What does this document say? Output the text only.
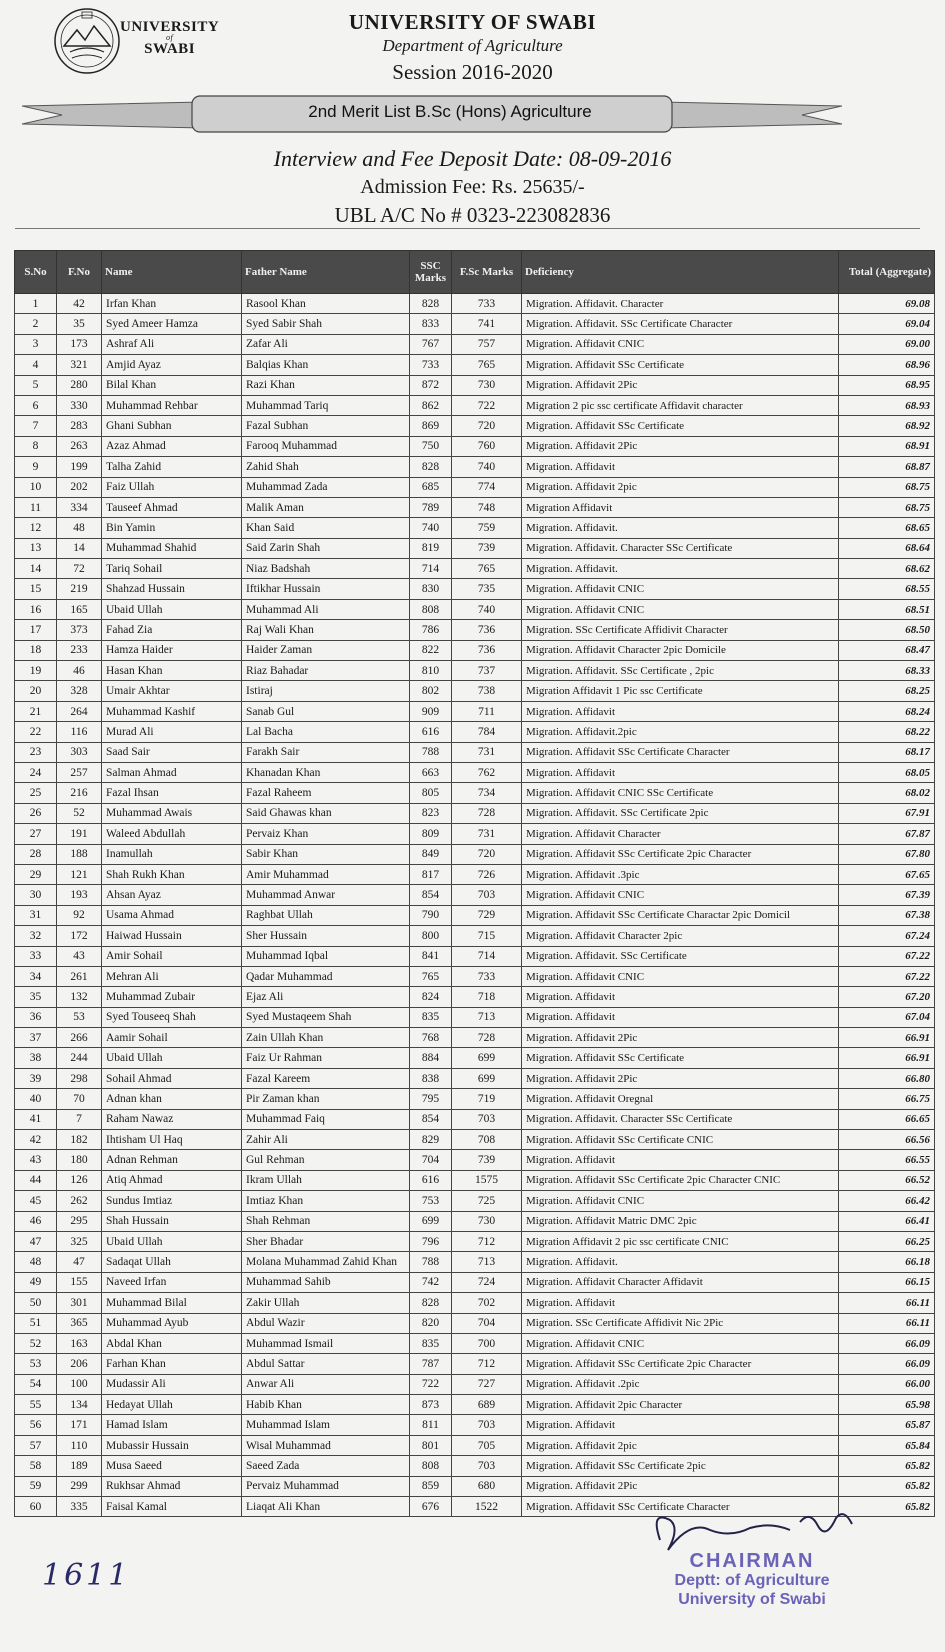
UNIVERSITY
of
SWABI
UNIVERSITY OF SWABI
Department of Agriculture
Session 2016-2020
2nd Merit List B.Sc (Hons) Agriculture
Interview and Fee Deposit Date: 08-09-2016
Admission Fee: Rs. 25635/-
UBL A/C No # 0323-223082836
S.No	F.No	Name	Father Name	SSC Marks	F.Sc Marks	Deficiency	Total (Aggregate)
1	42	Irfan Khan	Rasool Khan	828	733	Migration. Affidavit. Character	69.08
2	35	Syed Ameer Hamza	Syed Sabir Shah	833	741	Migration. Affidavit. SSc Certificate Character	69.04
3	173	Ashraf Ali	Zafar Ali	767	757	Migration. Affidavit CNIC	69.00
4	321	Amjid Ayaz	Balqias Khan	733	765	Migration. Affidavit SSc Certificate	68.96
5	280	Bilal Khan	Razi Khan	872	730	Migration. Affidavit 2Pic	68.95
6	330	Muhammad Rehbar	Muhammad Tariq	862	722	Migration 2 pic ssc certificate Affidavit character	68.93
7	283	Ghani Subhan	Fazal Subhan	869	720	Migration. Affidavit SSc Certificate	68.92
8	263	Azaz Ahmad	Farooq Muhammad	750	760	Migration. Affidavit 2Pic	68.91
9	199	Talha Zahid	Zahid Shah	828	740	Migration. Affidavit	68.87
10	202	Faiz Ullah	Muhammad Zada	685	774	Migration. Affidavit 2pic	68.75
11	334	Tauseef Ahmad	Malik Aman	789	748	Migration Affidavit	68.75
12	48	Bin Yamin	Khan Said	740	759	Migration. Affidavit.	68.65
13	14	Muhammad Shahid	Said Zarin Shah	819	739	Migration. Affidavit. Character SSc Certificate	68.64
14	72	Tariq Sohail	Niaz Badshah	714	765	Migration. Affidavit.	68.62
15	219	Shahzad Hussain	Iftikhar Hussain	830	735	Migration. Affidavit CNIC	68.55
16	165	Ubaid Ullah	Muhammad Ali	808	740	Migration. Affidavit CNIC	68.51
17	373	Fahad Zia	Raj Wali Khan	786	736	Migration. SSc Certificate Affidivit Character	68.50
18	233	Hamza Haider	Haider Zaman	822	736	Migration. Affidavit Character 2pic Domicile	68.47
19	46	Hasan Khan	Riaz Bahadar	810	737	Migration. Affidavit. SSc Certificate , 2pic	68.33
20	328	Umair Akhtar	Istiraj	802	738	Migration Affidavit 1 Pic ssc Certificate	68.25
21	264	Muhammad Kashif	Sanab Gul	909	711	Migration. Affidavit	68.24
22	116	Murad Ali	Lal Bacha	616	784	Migration. Affidavit.2pic	68.22
23	303	Saad Sair	Farakh Sair	788	731	Migration. Affidavit SSc Certificate Character	68.17
24	257	Salman Ahmad	Khanadan Khan	663	762	Migration. Affidavit	68.05
25	216	Fazal Ihsan	Fazal Raheem	805	734	Migration. Affidavit CNIC SSc Certificate	68.02
26	52	Muhammad Awais	Said Ghawas khan	823	728	Migration. Affidavit. SSc Certificate 2pic	67.91
27	191	Waleed Abdullah	Pervaiz Khan	809	731	Migration. Affidavit Character	67.87
28	188	Inamullah	Sabir Khan	849	720	Migration. Affidavit SSc Certificate 2pic Character	67.80
29	121	Shah Rukh Khan	Amir Muhammad	817	726	Migration. Affidavit .3pic	67.65
30	193	Ahsan Ayaz	Muhammad Anwar	854	703	Migration. Affidavit CNIC	67.39
31	92	Usama Ahmad	Raghbat Ullah	790	729	Migration. Affidavit SSc Certificate Charactar 2pic Domicil	67.38
32	172	Haiwad Hussain	Sher Hussain	800	715	Migration. Affidavit Character 2pic	67.24
33	43	Amir Sohail	Muhammad Iqbal	841	714	Migration. Affidavit. SSc Certificate	67.22
34	261	Mehran Ali	Qadar Muhammad	765	733	Migration. Affidavit CNIC	67.22
35	132	Muhammad Zubair	Ejaz Ali	824	718	Migration. Affidavit	67.20
36	53	Syed Touseeq Shah	Syed Mustaqeem Shah	835	713	Migration. Affidavit	67.04
37	266	Aamir Sohail	Zain Ullah Khan	768	728	Migration. Affidavit 2Pic	66.91
38	244	Ubaid Ullah	Faiz Ur Rahman	884	699	Migration. Affidavit SSc Certificate	66.91
39	298	Sohail Ahmad	Fazal Kareem	838	699	Migration. Affidavit 2Pic	66.80
40	70	Adnan khan	Pir Zaman khan	795	719	Migration. Affidavit Oregnal	66.75
41	7	Raham Nawaz	Muhammad Faiq	854	703	Migration. Affidavit. Character SSc Certificate	66.65
42	182	Ihtisham Ul Haq	Zahir Ali	829	708	Migration. Affidavit SSc Certificate CNIC	66.56
43	180	Adnan Rehman	Gul Rehman	704	739	Migration. Affidavit	66.55
44	126	Atiq Ahmad	Ikram Ullah	616	1575	Migration. Affidavit SSc Certificate 2pic Character CNIC	66.52
45	262	Sundus Imtiaz	Imtiaz Khan	753	725	Migration. Affidavit CNIC	66.42
46	295	Shah Hussain	Shah Rehman	699	730	Migration. Affidavit Matric DMC 2pic	66.41
47	325	Ubaid Ullah	Sher Bhadar	796	712	Migration Affidavit 2 pic ssc certificate CNIC	66.25
48	47	Sadaqat Ullah	Molana Muhammad Zahid Khan	788	713	Migration. Affidavit.	66.18
49	155	Naveed Irfan	Muhammad Sahib	742	724	Migration. Affidavit Character Affidavit	66.15
50	301	Muhammad Bilal	Zakir Ullah	828	702	Migration. Affidavit	66.11
51	365	Muhammad Ayub	Abdul Wazir	820	704	Migration. SSc Certificate Affidivit Nic 2Pic	66.11
52	163	Abdal Khan	Muhammad Ismail	835	700	Migration. Affidavit CNIC	66.09
53	206	Farhan Khan	Abdul Sattar	787	712	Migration. Affidavit SSc Certificate 2pic Character	66.09
54	100	Mudassir Ali	Anwar Ali	722	727	Migration. Affidavit .2pic	66.00
55	134	Hedayat Ullah	Habib Khan	873	689	Migration. Affidavit 2pic Character	65.98
56	171	Hamad Islam	Muhammad Islam	811	703	Migration. Affidavit	65.87
57	110	Mubassir Hussain	Wisal Muhammad	801	705	Migration. Affidavit 2pic	65.84
58	189	Musa Saeed	Saeed Zada	808	703	Migration. Affidavit SSc Certificate 2pic	65.82
59	299	Rukhsar Ahmad	Pervaiz Muhammad	859	680	Migration. Affidavit 2Pic	65.82
60	335	Faisal Kamal	Liaqat Ali Khan	676	1522	Migration. Affidavit SSc Certificate Character	65.82
1611	CHAIRMAN
Deptt: of Agriculture
University of Swabi
